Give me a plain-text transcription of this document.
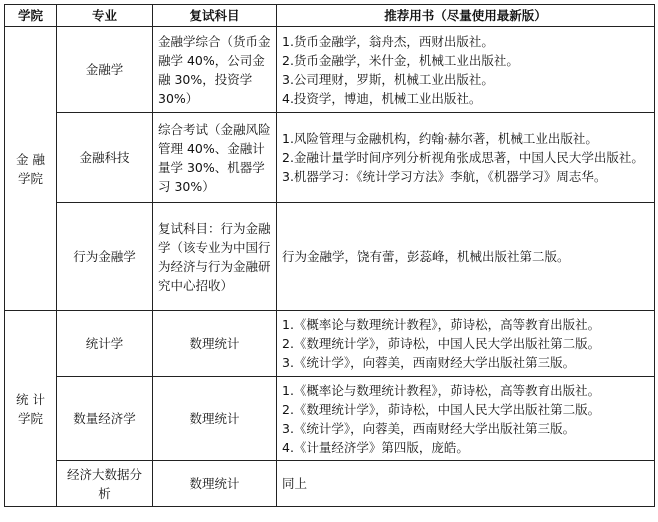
学院	专业	复试科目	推荐用书（尽量使用最新版）

金 融
学院	金融学	金融学综合（货币金融学 40%，公司金融 30%，投资学 30%）	1.货币金融学，翁舟杰，西财出版社。
2.货币金融学，米什金，机械工业出版社。
3.公司理财，罗斯，机械工业出版社。
4.投资学，博迪，机械工业出版社。

	金融科技	综合考试（金融风险管理 40%、金融计量学 30%、机器学习 30%）	1.风险管理与金融机构，约翰·赫尔著，机械工业出版社。
2.金融计量学时间序列分析视角张成思著，中国人民大学出版社。
3.机器学习：《统计学习方法》李航，《机器学习》周志华。

	行为金融学	复试科目：行为金融学（该专业为中国行为经济与行为金融研究中心招收）	行为金融学，饶有蕾，彭蕊峰，机械出版社第二版。

统 计
学院	统计学	数理统计	1.《概率论与数理统计教程》，茆诗松，高等教育出版社。
2.《数理统计学》，茆诗松，中国人民大学出版社第二版。
3.《统计学》，向蓉美，西南财经大学出版社第三版。

	数量经济学	数理统计	1.《概率论与数理统计教程》，茆诗松，高等教育出版社。
2.《数理统计学》，茆诗松，中国人民大学出版社第二版。
3.《统计学》，向蓉美，西南财经大学出版社第三版。
4.《计量经济学》第四版，庞皓。

	经济大数据分析	数理统计	同上
